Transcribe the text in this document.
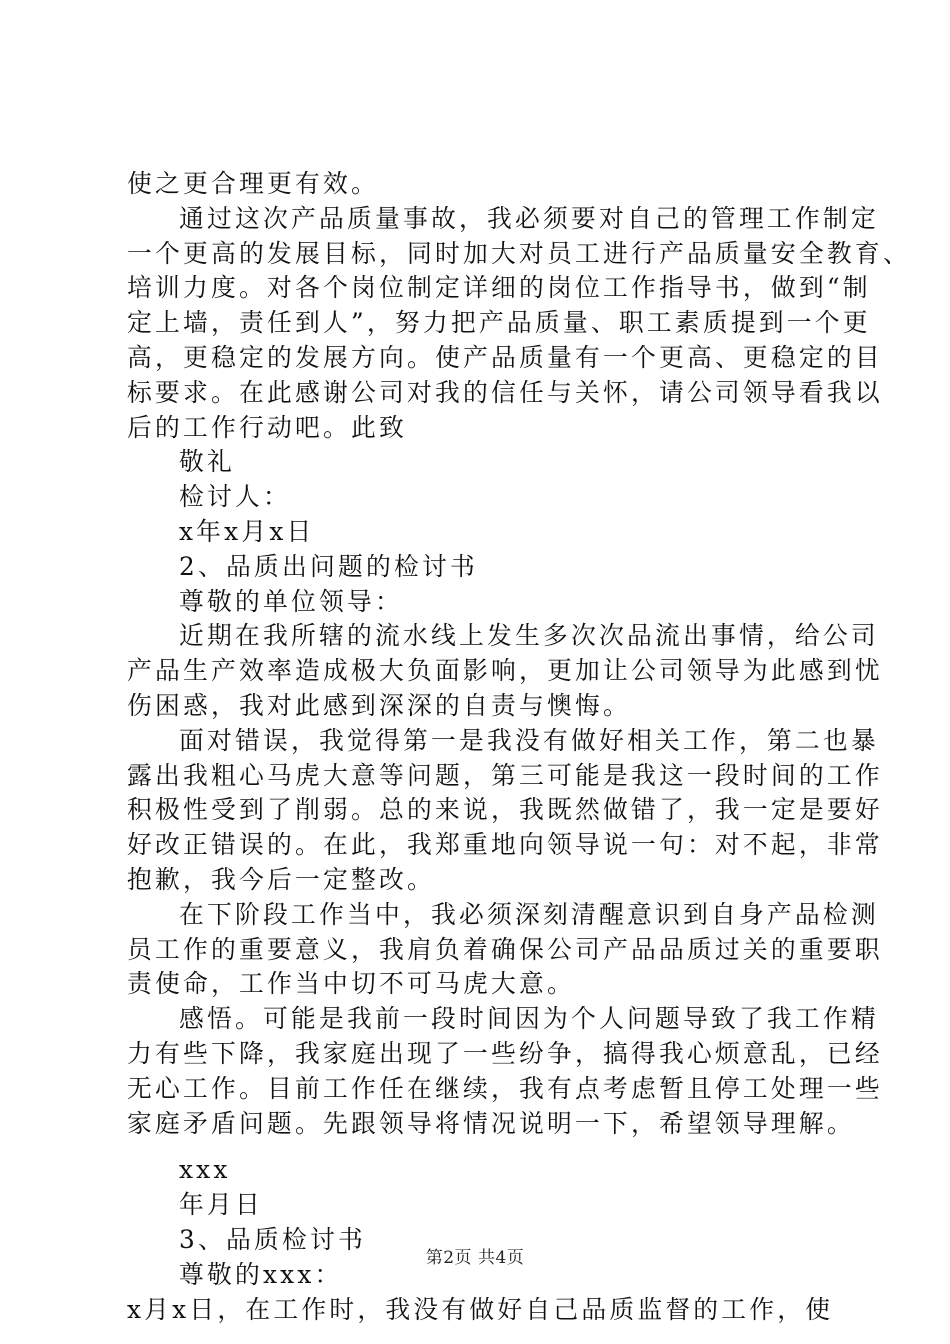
使之更合理更有效。
通过这次产品质量事故，我必须要对自己的管理工作制定
一个更高的发展目标，同时加大对员工进行产品质量安全教育、
培训力度。对各个岗位制定详细的岗位工作指导书，做到“制
定上墙，责任到人”，努力把产品质量、职工素质提到一个更
高，更稳定的发展方向。使产品质量有一个更高、更稳定的目
标要求。在此感谢公司对我的信任与关怀，请公司领导看我以
后的工作行动吧。此致
敬礼
检讨人：
x年x月x日
2、品质出问题的检讨书
尊敬的单位领导：
近期在我所辖的流水线上发生多次次品流出事情，给公司
产品生产效率造成极大负面影响，更加让公司领导为此感到忧
伤困惑，我对此感到深深的自责与懊悔。
面对错误，我觉得第一是我没有做好相关工作，第二也暴
露出我粗心马虎大意等问题，第三可能是我这一段时间的工作
积极性受到了削弱。总的来说，我既然做错了，我一定是要好
好改正错误的。在此，我郑重地向领导说一句：对不起，非常
抱歉，我今后一定整改。
在下阶段工作当中，我必须深刻清醒意识到自身产品检测
员工作的重要意义，我肩负着确保公司产品品质过关的重要职
责使命，工作当中切不可马虎大意。
感悟。可能是我前一段时间因为个人问题导致了我工作精
力有些下降，我家庭出现了一些纷争，搞得我心烦意乱，已经
无心工作。目前工作任在继续，我有点考虑暂且停工处理一些
家庭矛盾问题。先跟领导将情况说明一下，希望领导理解。
xxx
年月日
3、品质检讨书
尊敬的xxx：
x月x日，在工作时，我没有做好自己品质监督的工作，使
第2页 共4页
